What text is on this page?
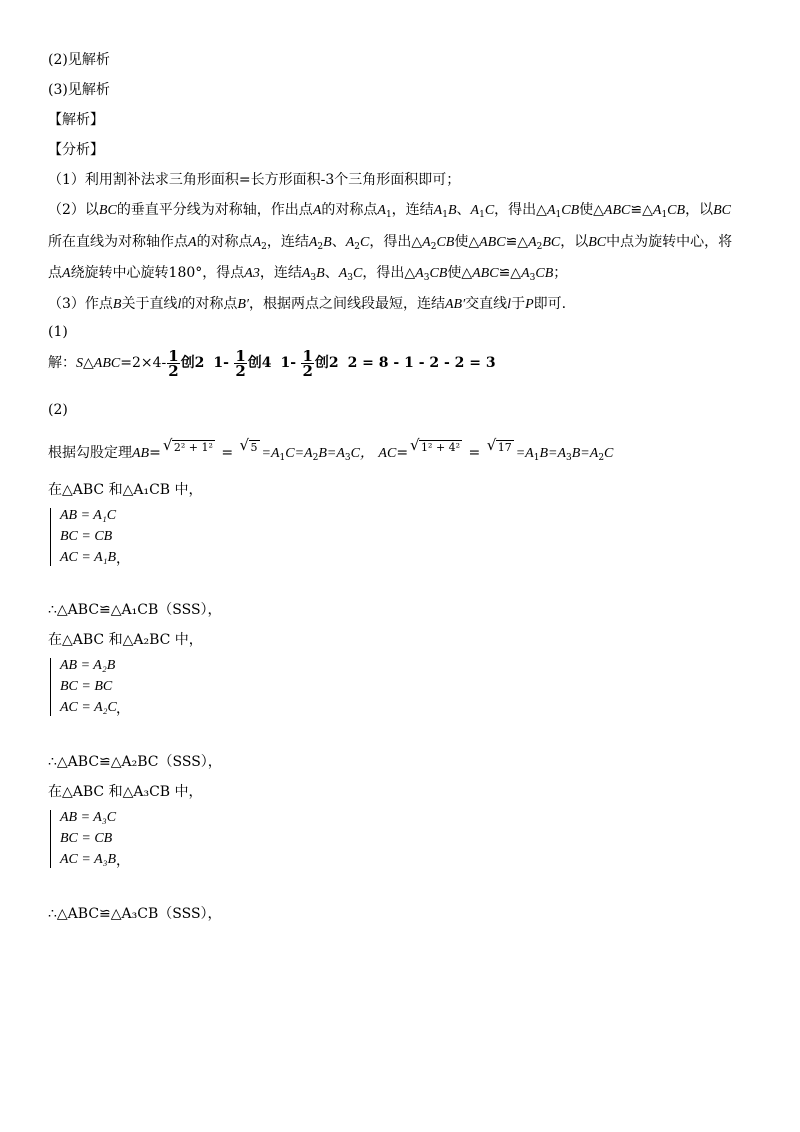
(2)见解析
(3)见解析
【解析】
【分析】
（1）利用割补法求三角形面积=长方形面积-3个三角形面积即可；
（2）以BC的垂直平分线为对称轴，作出点A的对称点$A_1$，连结$A_1B$、$A_1C$，得出$\triangle A_1CB$使$\triangle ABC≌\triangle A_1CB$，以BC
所在直线为对称轴作点A的对称点$A_2$，连结$A_2B$、$A_2C$，得出$\triangle A_2CB$使$\triangle ABC≌\triangle A_2BC$，以BC中点为旋转中心，将
点A绕旋转中心旋转180°，得点A3，连结$A_3B$、$A_3C$，得出$\triangle A_3CB$使$\triangle ABC≌\triangle A_3CB$；
（3）作点B关于直线l的对称点B′，根据两点之间线段最短，连结AB′交直线l于P即可.
(1)
解：S△ABC=2×4- $\frac{1}{2}$ 创2 $1- \frac{1}{2}$ 创4 $1- \frac{1}{2}$ 创2 2 = 8 - 1 - 2 - 2 = 3
(2)
根据勾股定理AB= √ 2² + 1² = √ $5 =A_1C=A_2B=A_3C$， AC= √ 1² + 4² = √ $17 =A_1B=A_3B=A_2C$
在△ABC 和△A₁CB 中，
AB = A₁C
BC = CB
AC = A₁B ，
∴△ABC≌△A₁CB（SSS），
在△ABC 和△A₂BC 中，
AB = A₂B
BC = BC
AC = A₂C ，
∴△ABC≌△A₂BC（SSS），
在△ABC 和△A₃CB 中，
AB = A₃C
BC = CB
AC = A₃B ，
∴△ABC≌△A₃CB（SSS），
